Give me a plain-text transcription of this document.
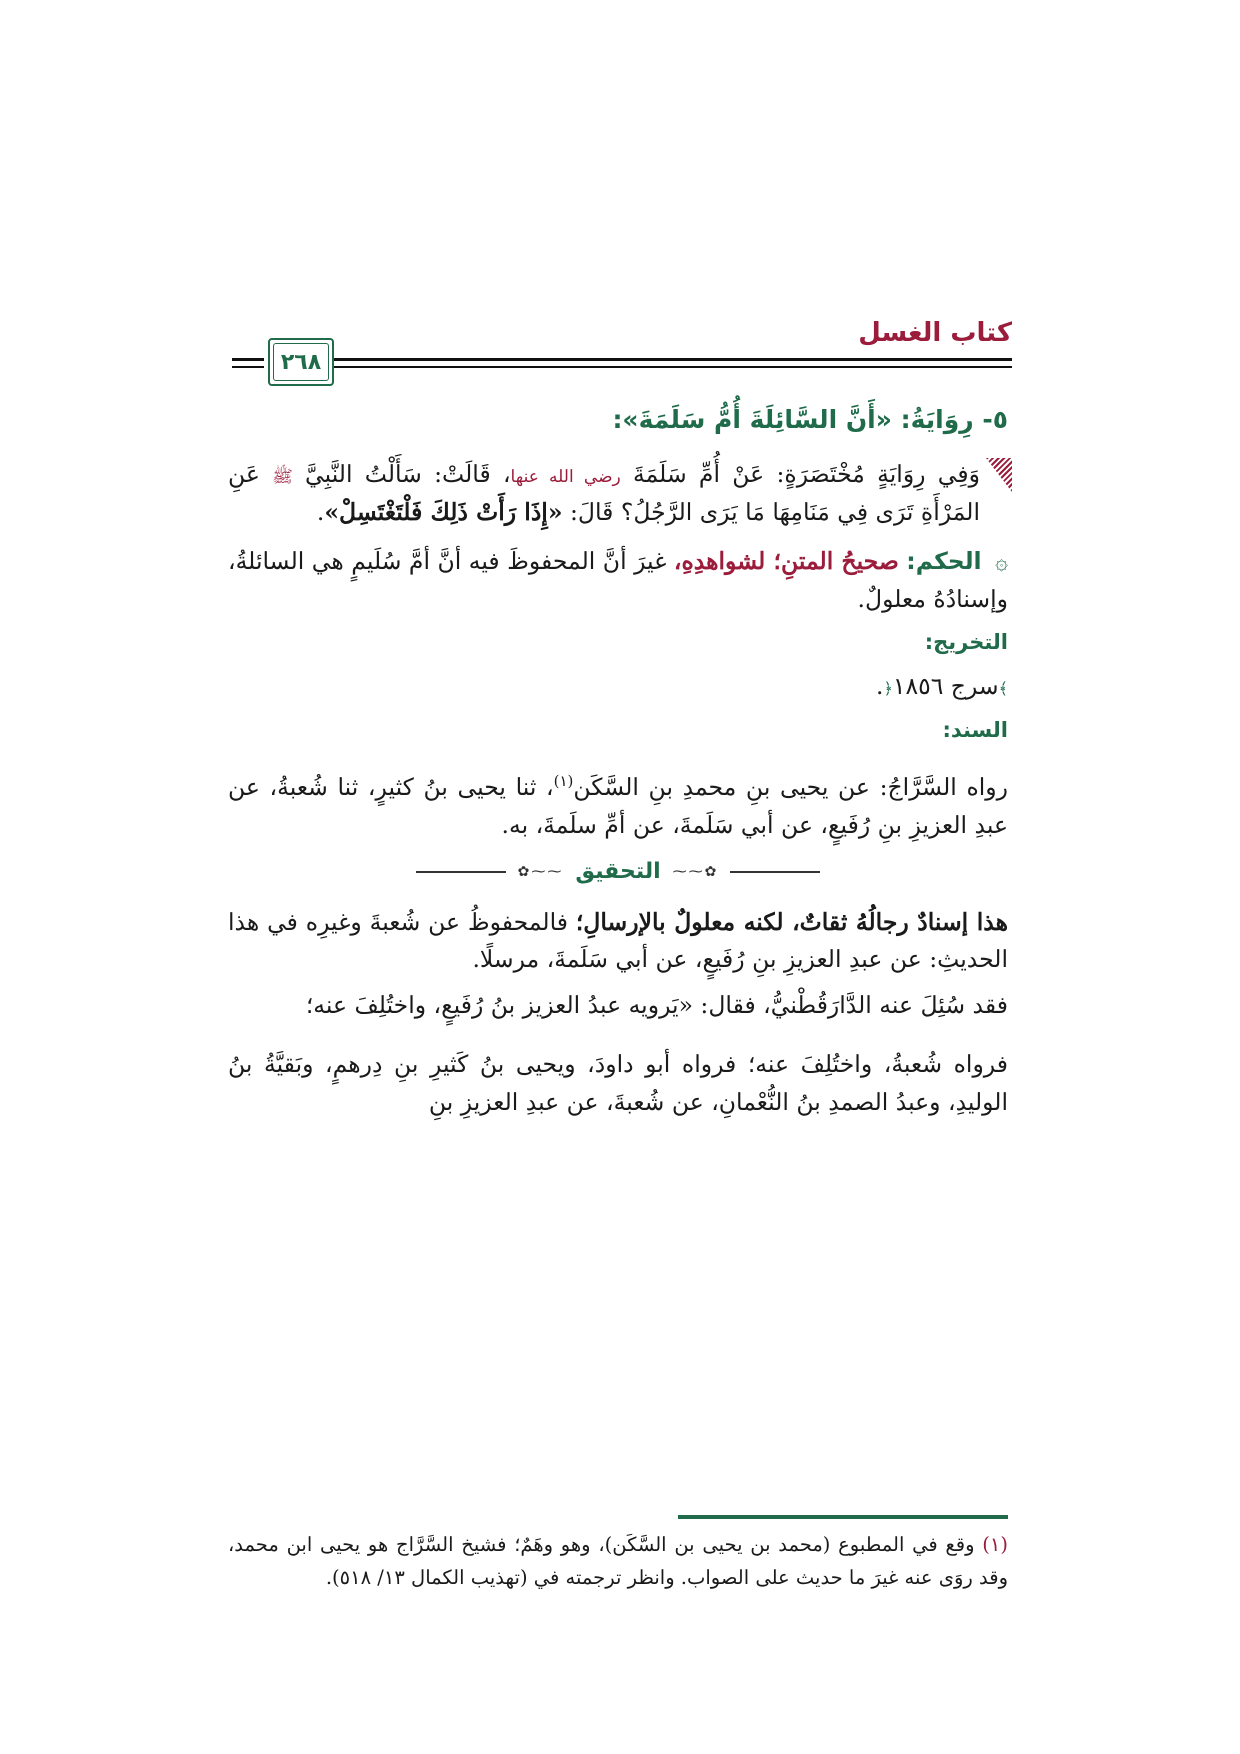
كتاب الغسل
٢٦٨
٥- رِوَايَةُ: «أَنَّ السَّائِلَةَ أُمُّ سَلَمَةَ»:
وَفِي رِوَايَةٍ مُخْتَصَرَةٍ: عَنْ أُمِّ سَلَمَةَ رضي الله عنها، قَالَتْ: سَأَلْتُ النَّبِيَّ ﷺ عَنِ المَرْأَةِ تَرَى فِي مَنَامِهَا مَا يَرَى الرَّجُلُ؟ قَالَ: «إِذَا رَأَتْ ذَلِكَ فَلْتَغْتَسِلْ».

۞ الحكم: صحيحُ المتنِ؛ لشواهدِهِ، غيرَ أنَّ المحفوظَ فيه أنَّ أمَّ سُلَيمٍ هي السائلةُ، وإسنادُهُ معلولٌ.

التخريج:

﴾سرج ١٨٥٦﴿.

السند:

رواه السَّرَّاجُ: عن يحيى بنِ محمدِ بنِ السَّكَن$^{(١)}$، ثنا يحيى بنُ كثيرٍ، ثنا شُعبةُ، عن عبدِ العزيزِ بنِ رُفَيعٍ، عن أبي سَلَمةَ، عن أمِّ سلَمةَ، به.

✿⁓⁓
التحقيق
⁓⁓✿

هذا إسنادٌ رجالُهُ ثقاتٌ، لكنه معلولٌ بالإرسالِ؛ فالمحفوظُ عن شُعبةَ وغيرِه في هذا الحديثِ: عن عبدِ العزيزِ بنِ رُفَيعٍ، عن أبي سَلَمةَ، مرسلًا.

فقد سُئِلَ عنه الدَّارَقُطْنيُّ، فقال: «يَرويه عبدُ العزيز بنُ رُفَيعٍ، واختُلِفَ عنه؛

فرواه شُعبةُ، واختُلِفَ عنه؛ فرواه أبو داودَ، ويحيى بنُ كَثيرِ بنِ دِرهمٍ، وبَقيَّةُ بنُ الوليدِ، وعبدُ الصمدِ بنُ النُّعْمانِ، عن شُعبةَ، عن عبدِ العزيزِ بنِ

(١) وقع في المطبوع (محمد بن يحيى بن السَّكَن)، وهو وهَمٌ؛ فشيخ السَّرَّاج هو يحيى ابن محمد، وقد روَى عنه غيرَ ما حديث على الصواب. وانظر ترجمته في (تهذيب الكمال ١٣/ ٥١٨).
